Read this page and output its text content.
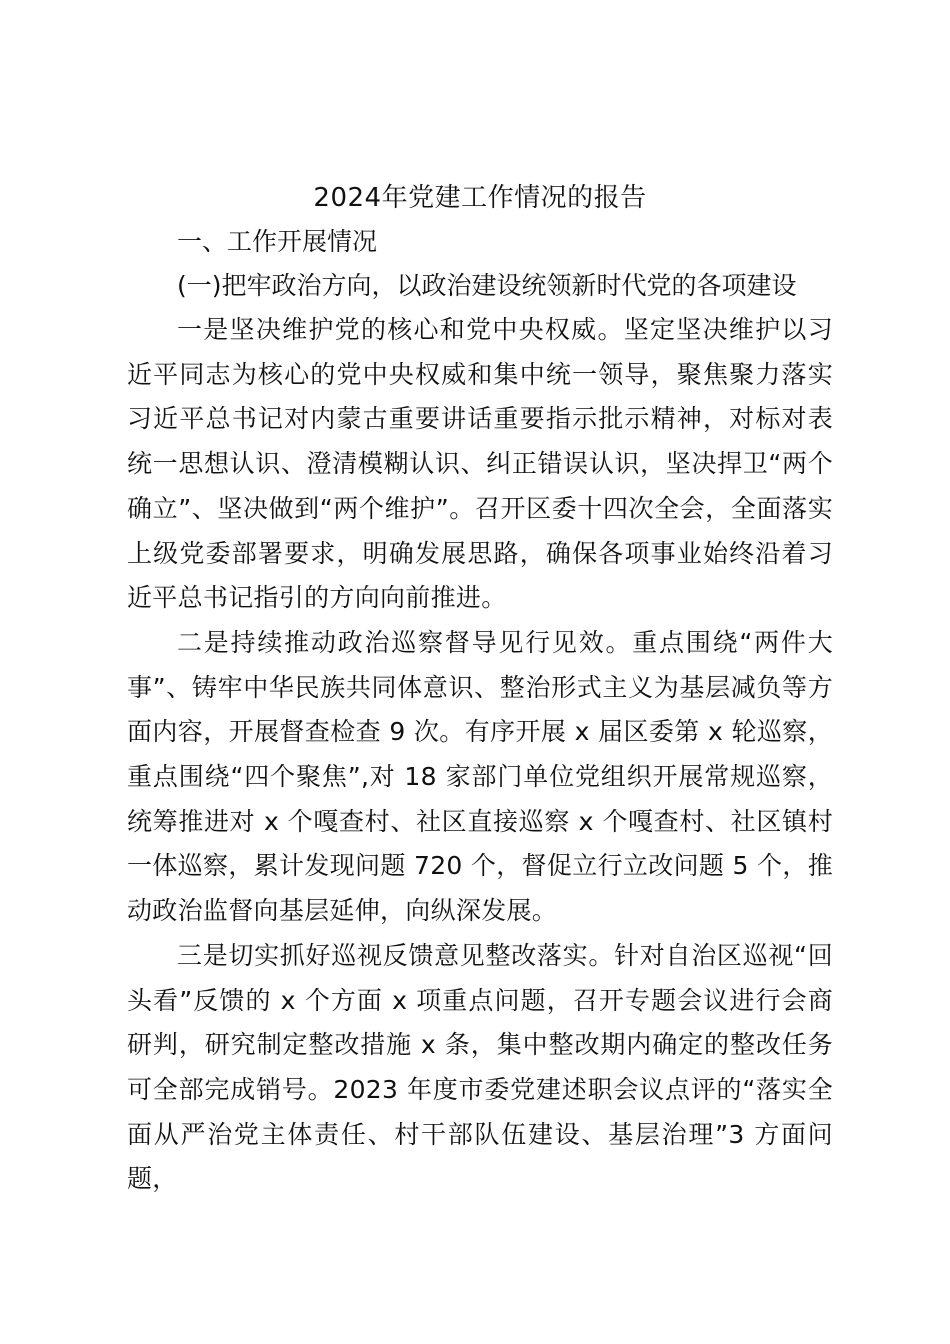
2024年党建工作情况的报告

一、工作开展情况

(一)把牢政治方向，以政治建设统领新时代党的各项建设

一是坚决维护党的核心和党中央权威。坚定坚决维护以习近平同志为核心的党中央权威和集中统一领导，聚焦聚力落实习近平总书记对内蒙古重要讲话重要指示批示精神，对标对表统一思想认识、澄清模糊认识、纠正错误认识，坚决捍卫“两个确立”、坚决做到“两个维护”。召开区委十四次全会，全面落实上级党委部署要求，明确发展思路，确保各项事业始终沿着习近平总书记指引的方向向前推进。

二是持续推动政治巡察督导见行见效。重点围绕“两件大事”、铸牢中华民族共同体意识、整治形式主义为基层减负等方面内容，开展督查检查 9 次。有序开展 x 届区委第 x 轮巡察，重点围绕“四个聚焦”,对 18 家部门单位党组织开展常规巡察，统筹推进对 x 个嘎查村、社区直接巡察 x 个嘎查村、社区镇村一体巡察，累计发现问题 720 个，督促立行立改问题 5 个，推动政治监督向基层延伸，向纵深发展。

三是切实抓好巡视反馈意见整改落实。针对自治区巡视“回头看”反馈的 x 个方面 x 项重点问题，召开专题会议进行会商研判，研究制定整改措施 x 条，集中整改期内确定的整改任务可全部完成销号。2023 年度市委党建述职会议点评的“落实全面从严治党主体责任、村干部队伍建设、基层治理”3 方面问题，
